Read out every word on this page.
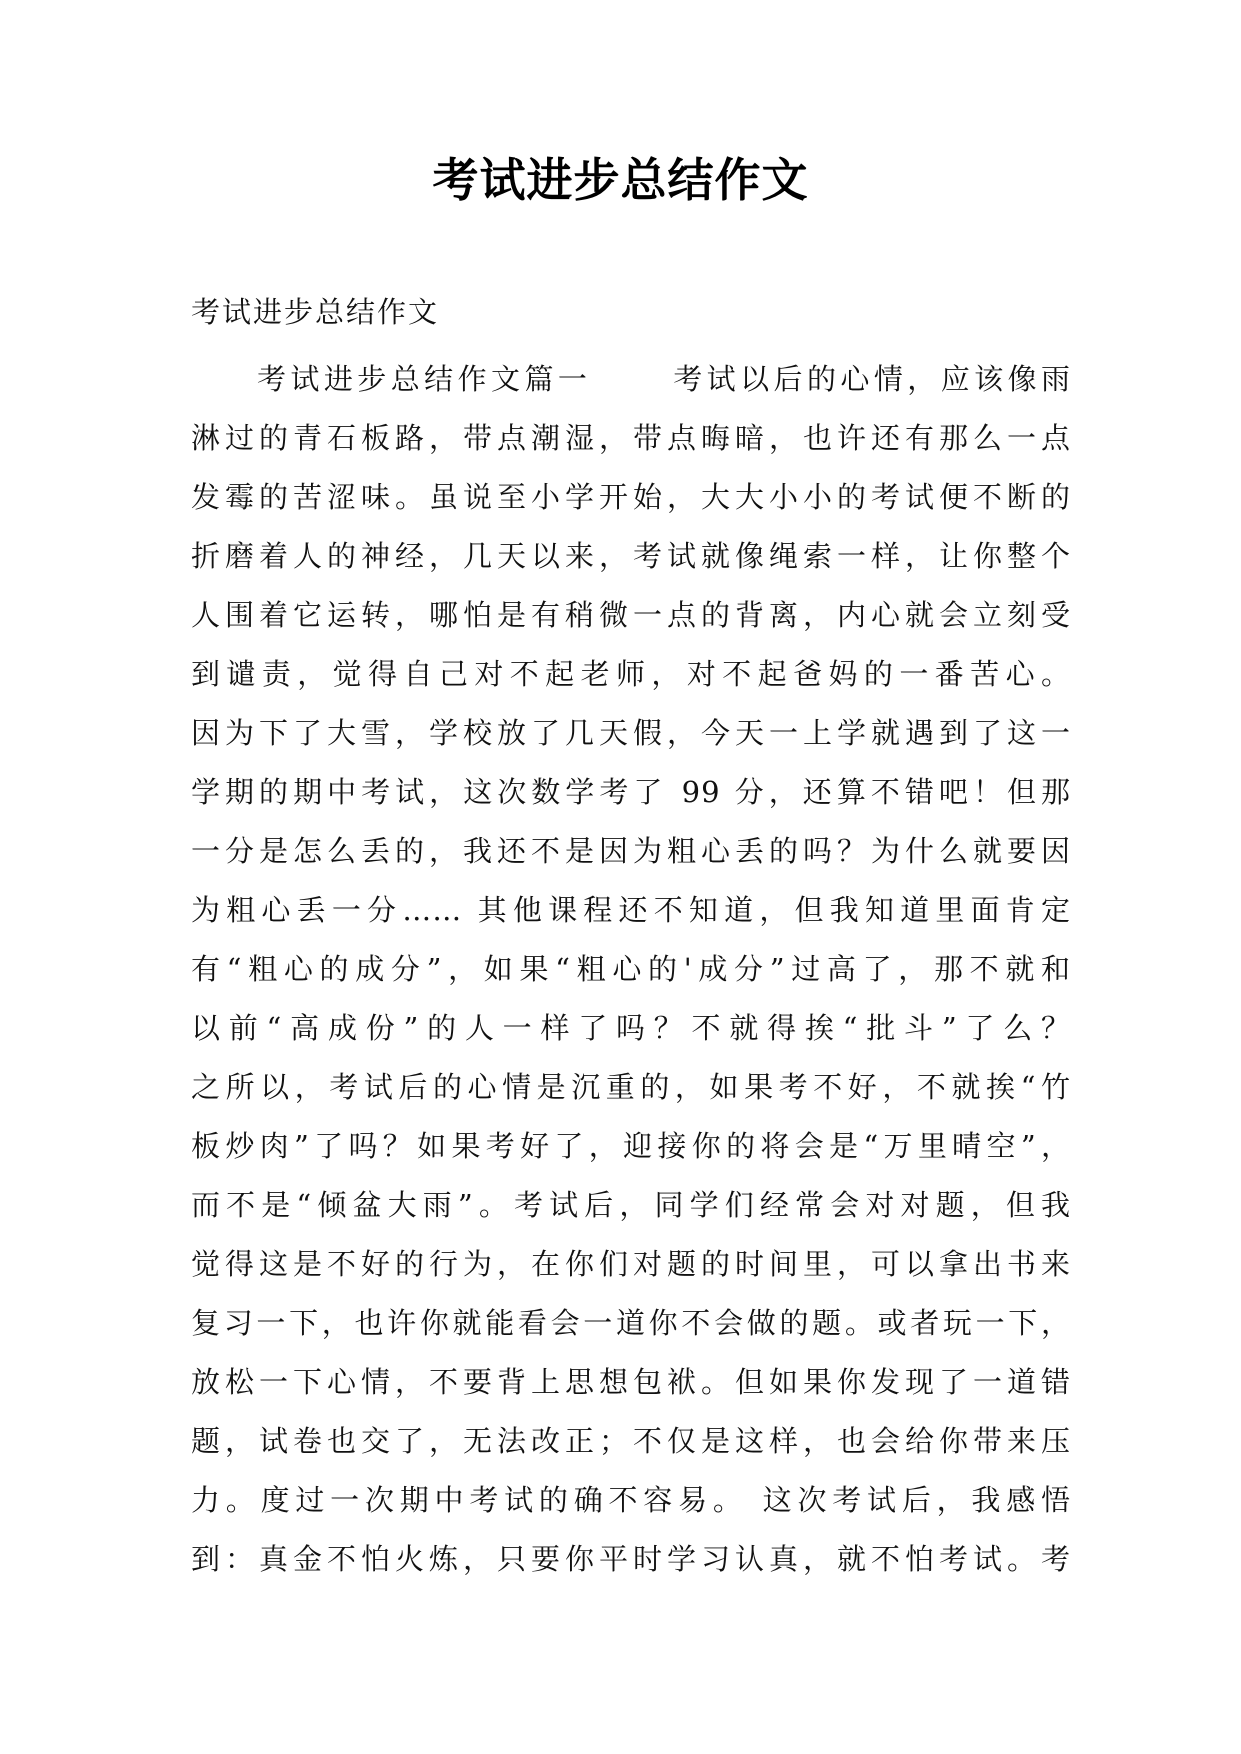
考试进步总结作文

考试进步总结作文

考试进步总结作文篇一      考试以后的心情，应该像雨
淋过的青石板路，带点潮湿，带点晦暗，也许还有那么一点
发霉的苦涩味。虽说至小学开始，大大小小的考试便不断的
折磨着人的神经，几天以来，考试就像绳索一样，让你整个
人围着它运转，哪怕是有稍微一点的背离，内心就会立刻受
到谴责，觉得自己对不起老师，对不起爸妈的一番苦心。
因为下了大雪，学校放了几天假，今天一上学就遇到了这一
学期的期中考试，这次数学考了 99 分，还算不错吧！但那
一分是怎么丢的，我还不是因为粗心丢的吗？为什么就要因
为粗心丢一分…… 其他课程还不知道，但我知道里面肯定
有“粗心的成分”，如果“粗心的'成分”过高了，那不就和
以前“高成份”的人一样了吗？不就得挨“批斗”了么？
之所以，考试后的心情是沉重的，如果考不好，不就挨“竹
板炒肉”了吗？如果考好了，迎接你的将会是“万里晴空”，
而不是“倾盆大雨”。考试后，同学们经常会对对题，但我
觉得这是不好的行为，在你们对题的时间里，可以拿出书来
复习一下，也许你就能看会一道你不会做的题。或者玩一下，
放松一下心情，不要背上思想包袱。但如果你发现了一道错
题，试卷也交了，无法改正；不仅是这样，也会给你带来压
力。度过一次期中考试的确不容易。 这次考试后，我感悟
到：真金不怕火炼，只要你平时学习认真，就不怕考试。考
